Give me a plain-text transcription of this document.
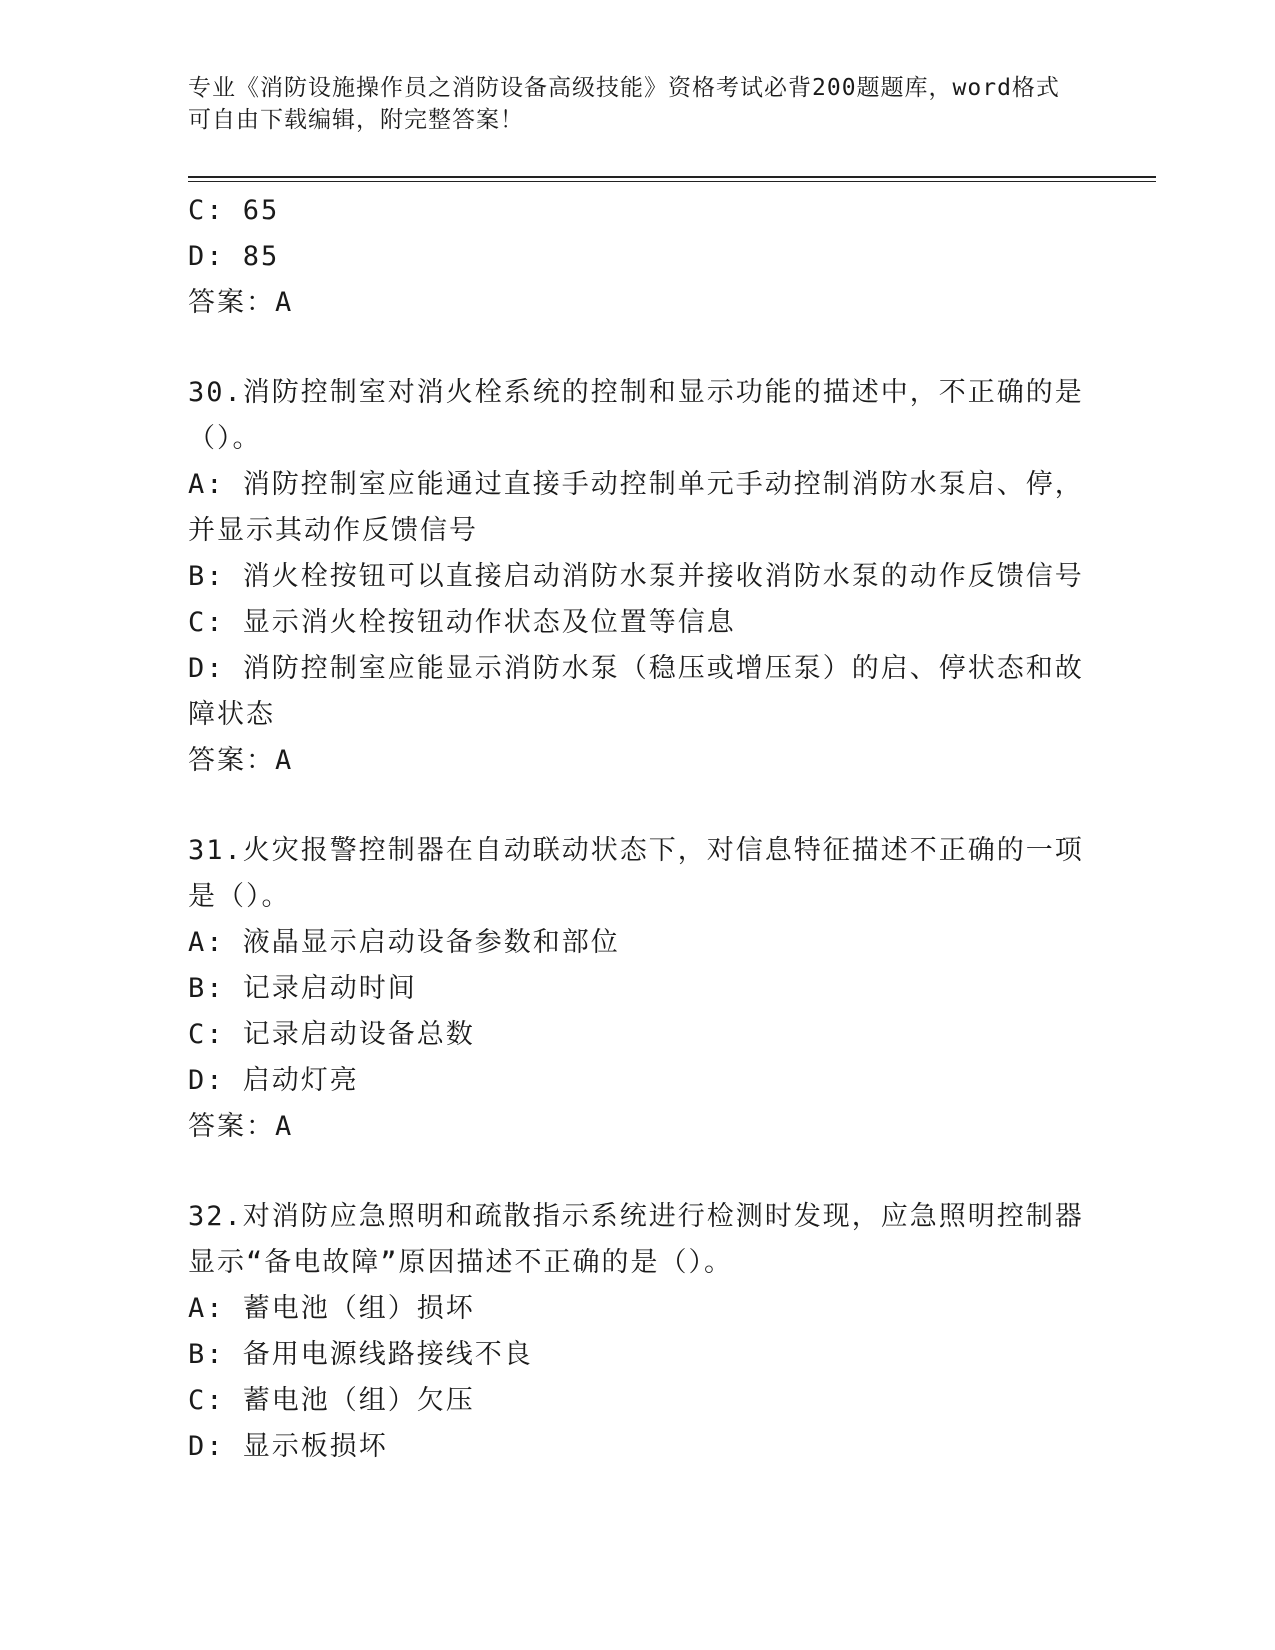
专业《消防设施操作员之消防设备高级技能》资格考试必背200题题库，word格式可自由下载编辑，附完整答案！
C: 65
D: 85
答案：A
30.消防控制室对消火栓系统的控制和显示功能的描述中，不正确的是（）。
A: 消防控制室应能通过直接手动控制单元手动控制消防水泵启、停，并显示其动作反馈信号
B: 消火栓按钮可以直接启动消防水泵并接收消防水泵的动作反馈信号
C: 显示消火栓按钮动作状态及位置等信息
D: 消防控制室应能显示消防水泵（稳压或增压泵）的启、停状态和故障状态
答案：A
31.火灾报警控制器在自动联动状态下，对信息特征描述不正确的一项是（）。
A: 液晶显示启动设备参数和部位
B: 记录启动时间
C: 记录启动设备总数
D: 启动灯亮
答案：A
32.对消防应急照明和疏散指示系统进行检测时发现，应急照明控制器显示“备电故障”原因描述不正确的是（）。
A: 蓄电池（组）损坏
B: 备用电源线路接线不良
C: 蓄电池（组）欠压
D: 显示板损坏
